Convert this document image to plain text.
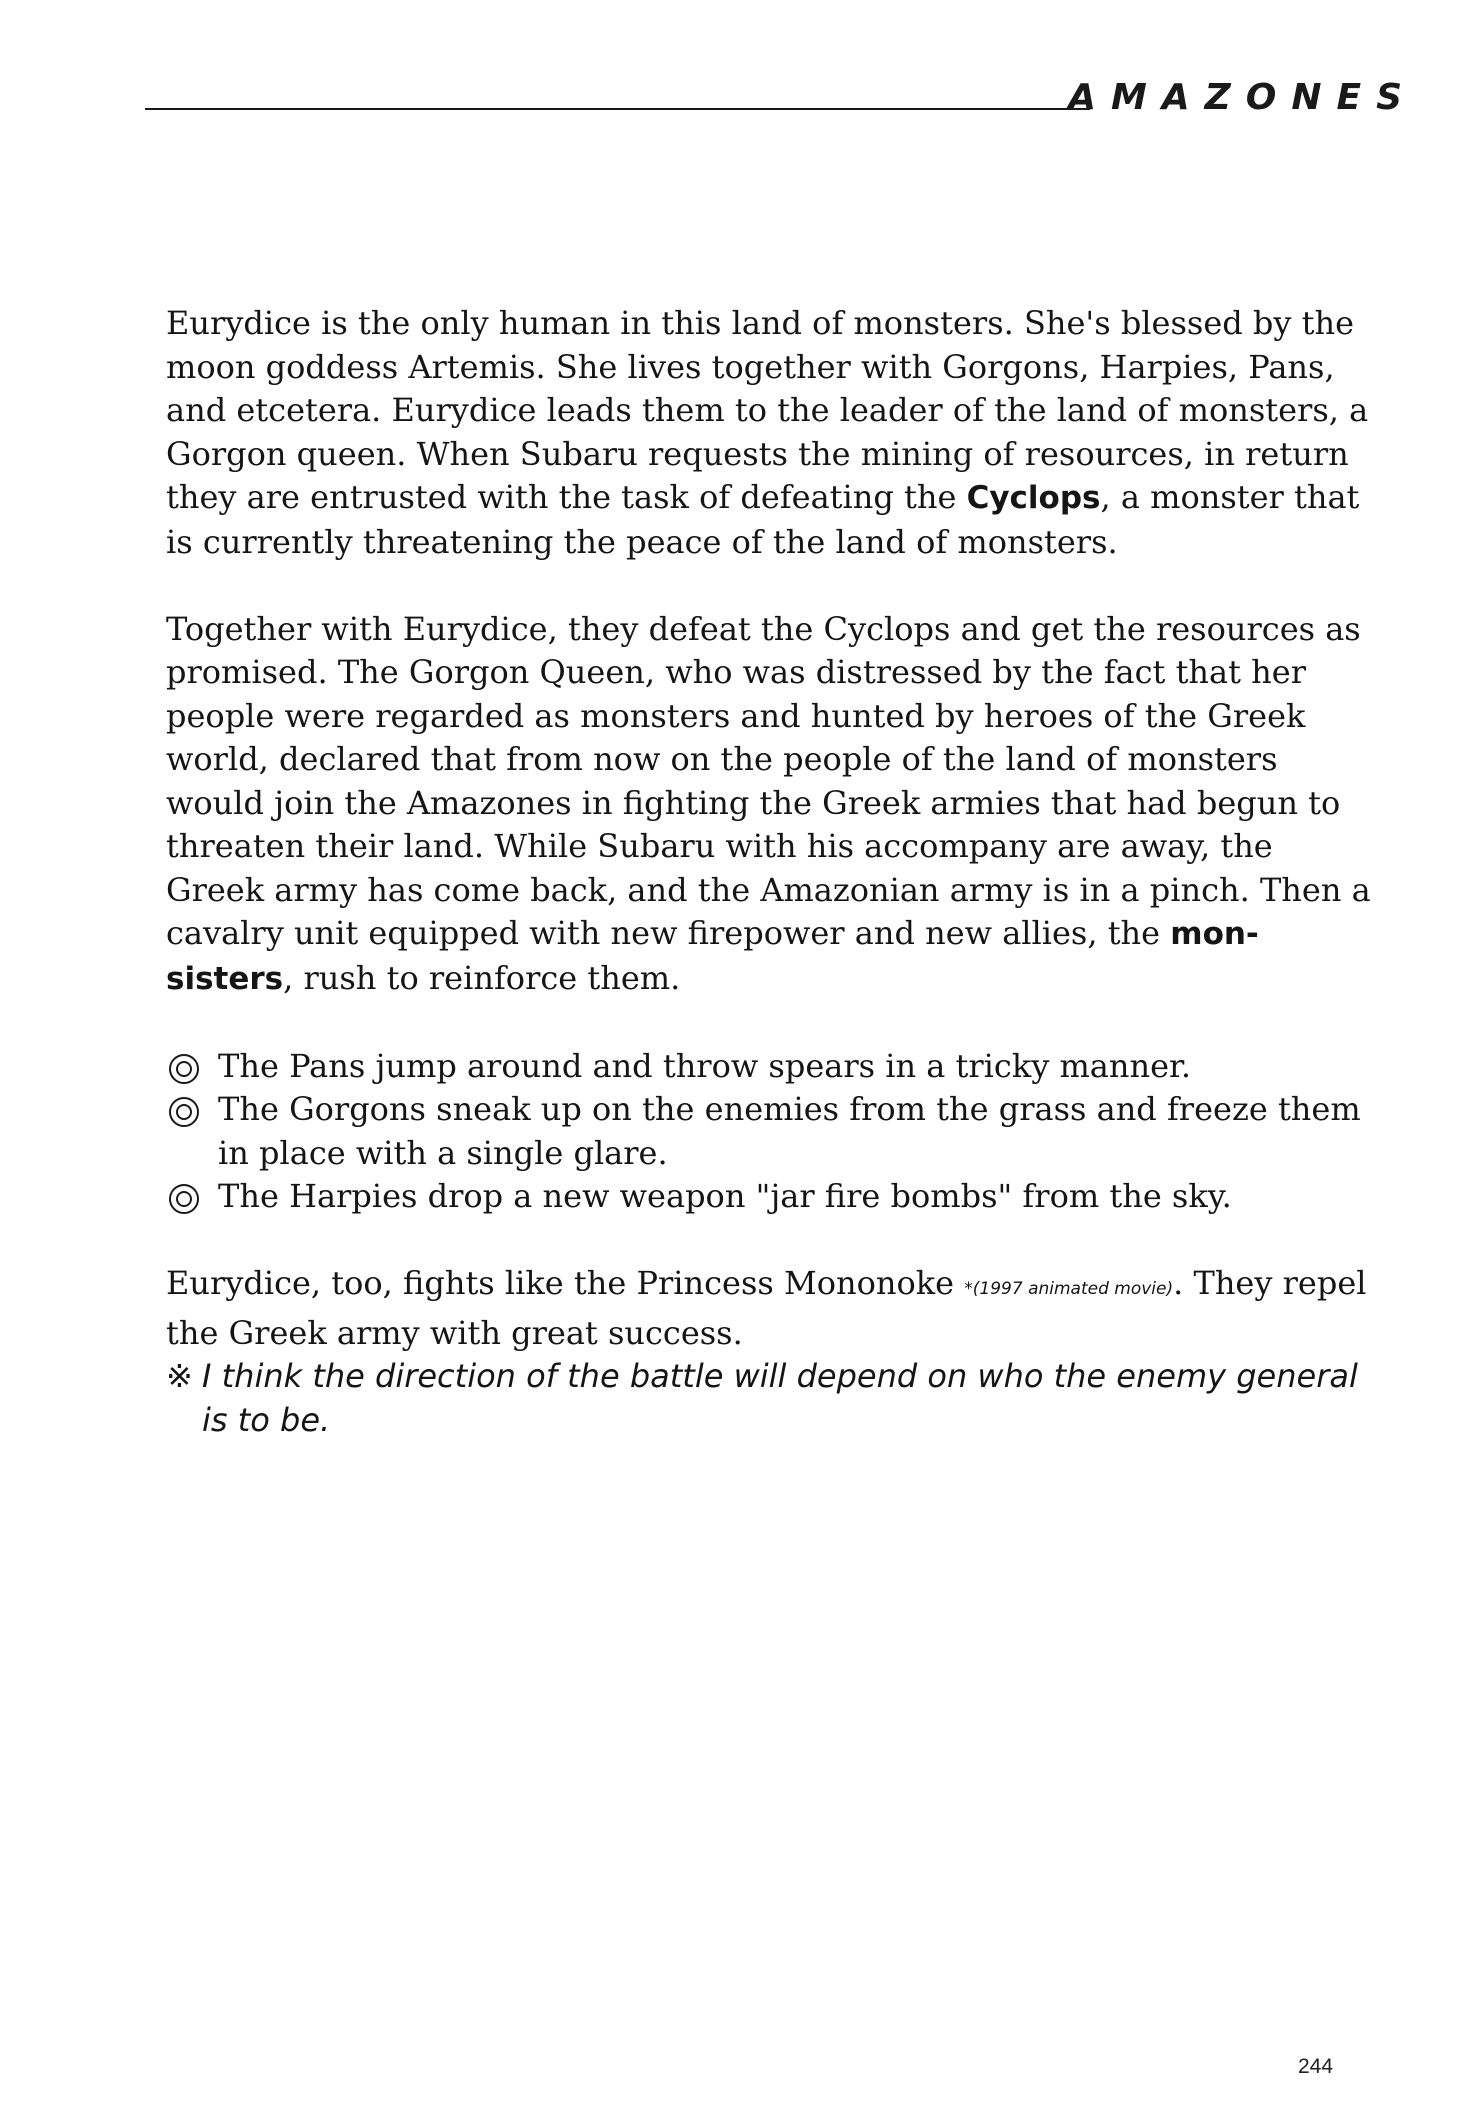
AMAZONES

Eurydice is the only human in this land of monsters. She's blessed by the moon goddess Artemis. She lives together with Gorgons, Harpies, Pans, and etcetera. Eurydice leads them to the leader of the land of monsters, a Gorgon queen. When Subaru requests the mining of resources, in return they are entrusted with the task of defeating the Cyclops, a monster that is currently threatening the peace of the land of monsters.

Together with Eurydice, they defeat the Cyclops and get the resources as promised. The Gorgon Queen, who was distressed by the fact that her people were regarded as monsters and hunted by heroes of the Greek world, declared that from now on the people of the land of monsters would join the Amazones in fighting the Greek armies that had begun to threaten their land. While Subaru with his accompany are away, the Greek army has come back, and the Amazonian army is in a pinch. Then a cavalry unit equipped with new firepower and new allies, the mon-sisters, rush to reinforce them.

The Pans jump around and throw spears in a tricky manner.
The Gorgons sneak up on the enemies from the grass and freeze them in place with a single glare.
The Harpies drop a new weapon "jar fire bombs" from the sky.

Eurydice, too, fights like the Princess Mononoke *(1997 animated movie). They repel the Greek army with great success.

※ I think the direction of the battle will depend on who the enemy general is to be.

244
